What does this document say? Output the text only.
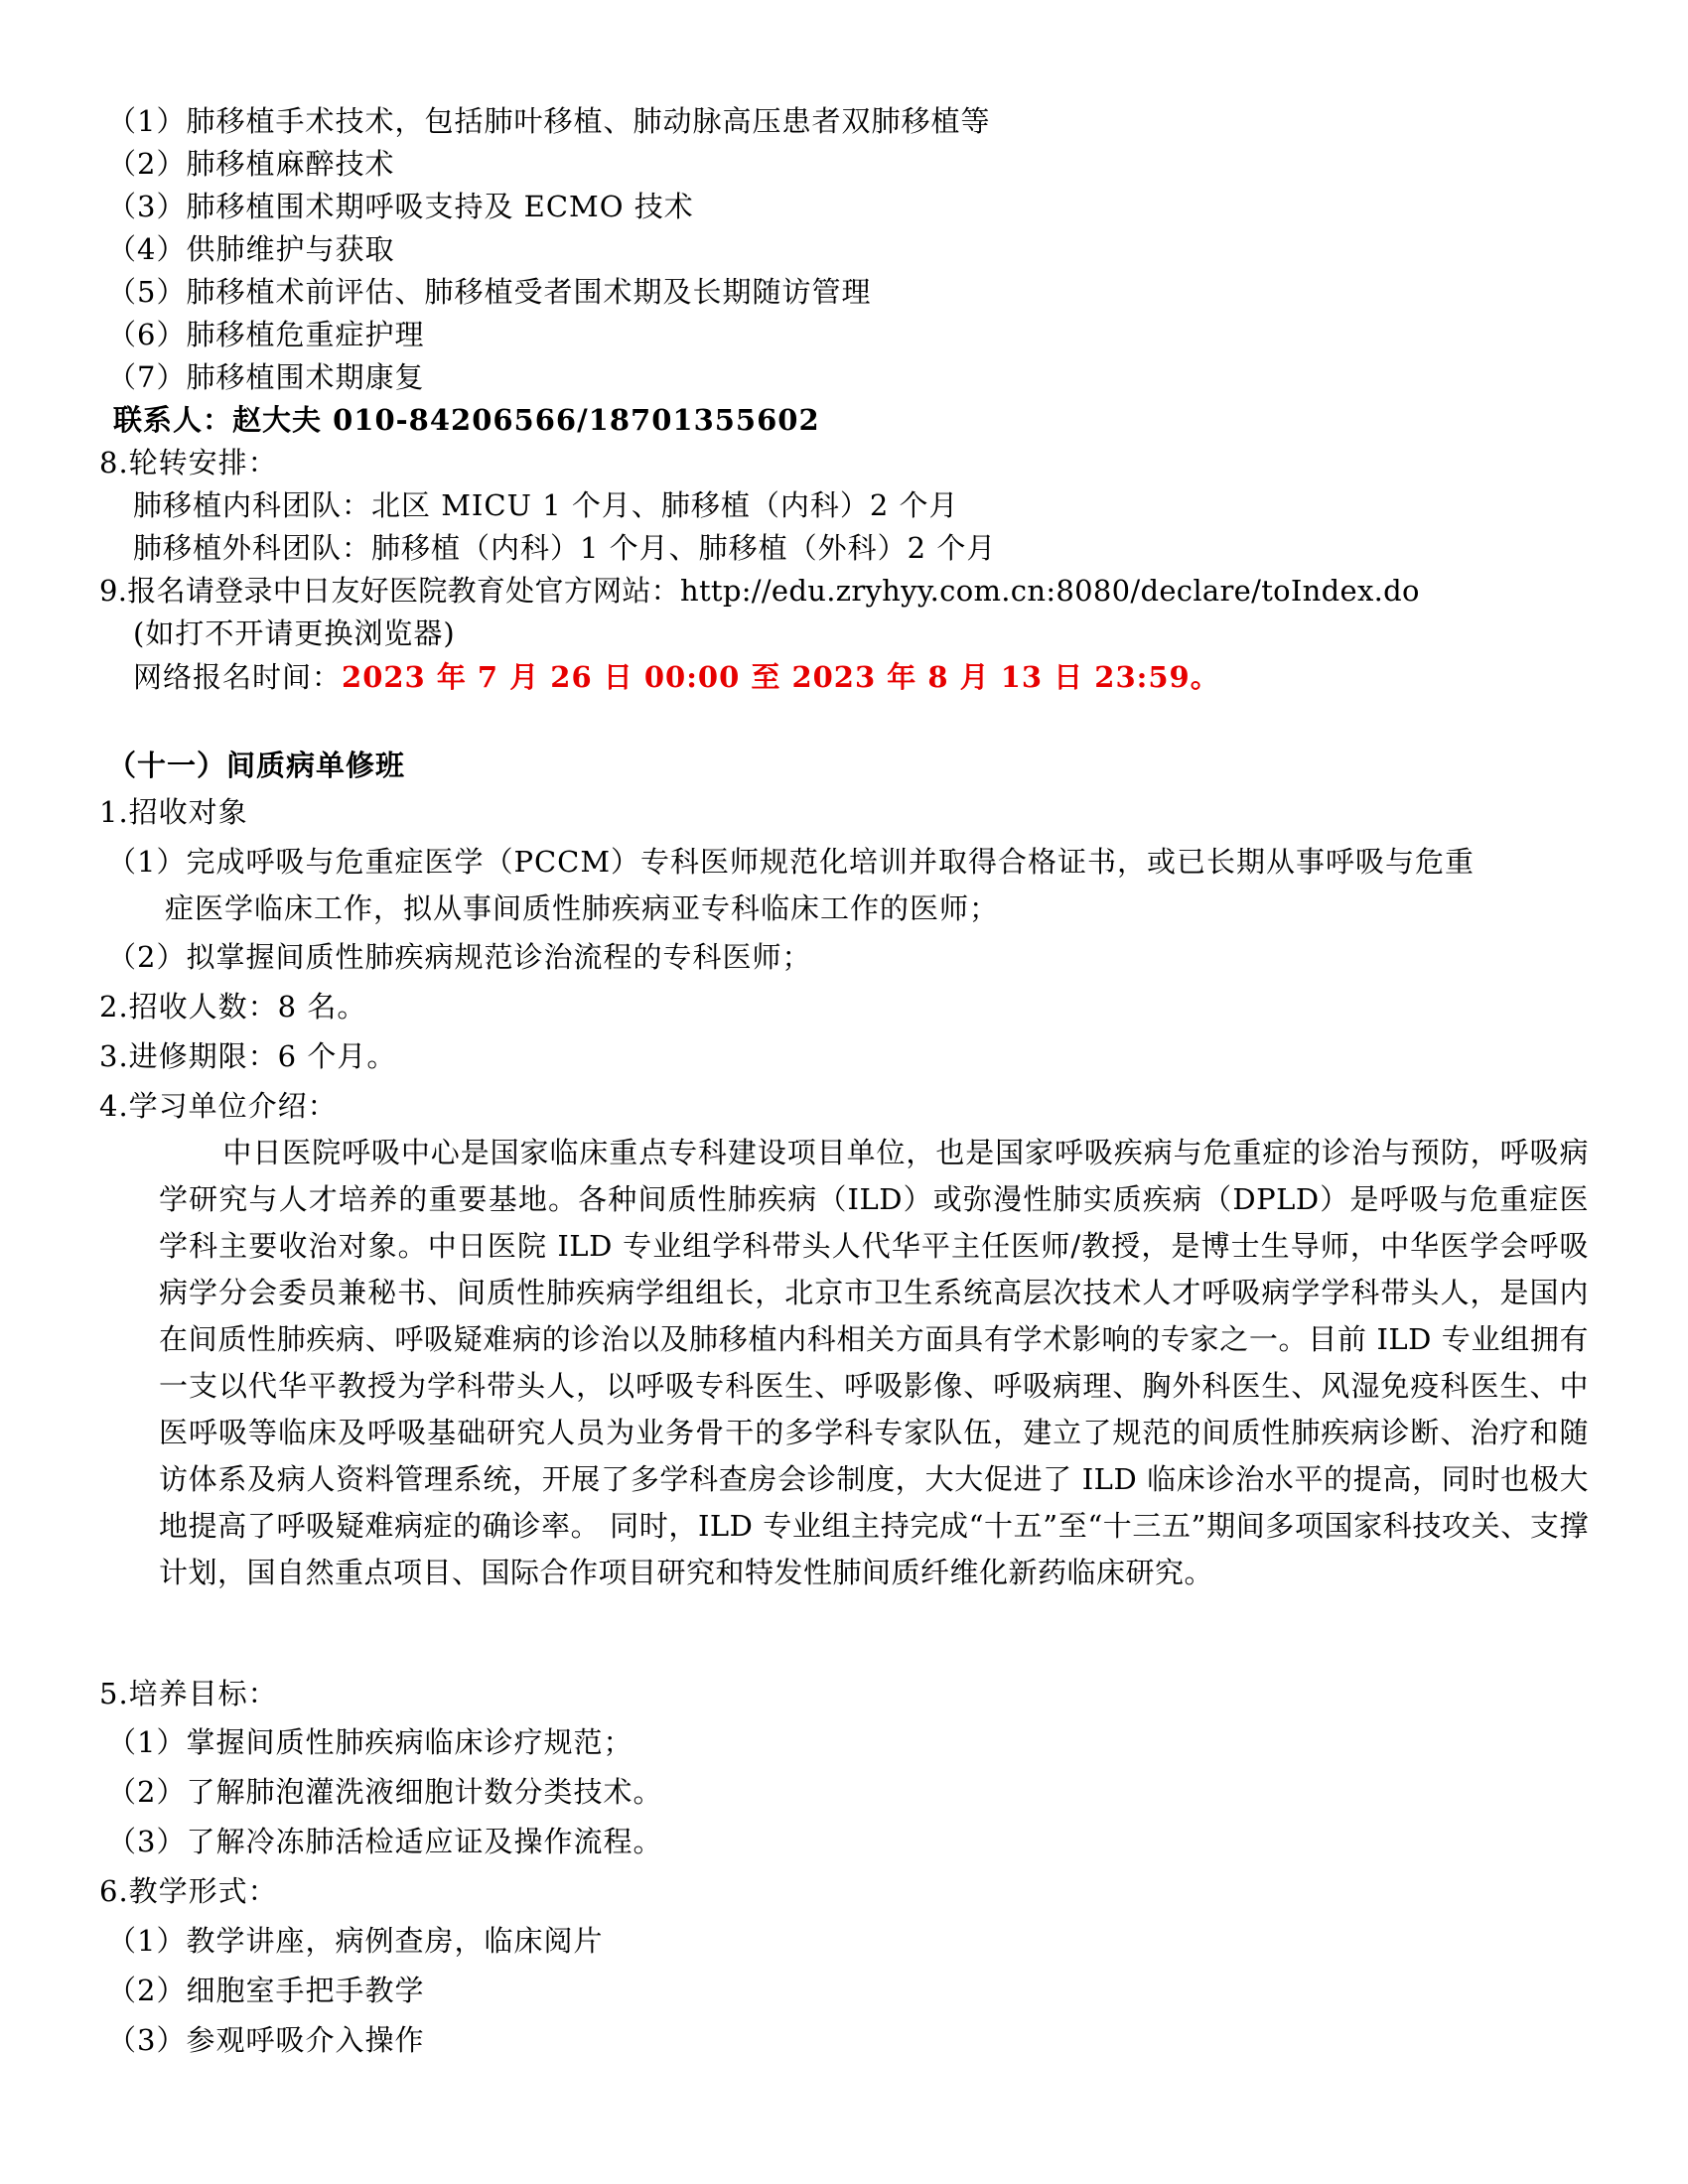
（1）肺移植手术技术，包括肺叶移植、肺动脉高压患者双肺移植等
（2）肺移植麻醉技术
（3）肺移植围术期呼吸支持及 ECMO 技术
（4）供肺维护与获取
（5）肺移植术前评估、肺移植受者围术期及长期随访管理
（6）肺移植危重症护理
（7）肺移植围术期康复
联系人：赵大夫 010-84206566/18701355602
8.轮转安排：
肺移植内科团队：北区 MICU 1 个月、肺移植（内科）2 个月
肺移植外科团队：肺移植（内科）1 个月、肺移植（外科）2 个月
9.报名请登录中日友好医院教育处官方网站：http://edu.zryhyy.com.cn:8080/declare/toIndex.do
(如打不开请更换浏览器)
网络报名时间：2023 年 7 月 26 日 00:00 至 2023 年 8 月 13 日 23:59。
（十一）间质病单修班
1.招收对象
（1）完成呼吸与危重症医学（PCCM）专科医师规范化培训并取得合格证书，或已长期从事呼吸与危重
症医学临床工作，拟从事间质性肺疾病亚专科临床工作的医师；
（2）拟掌握间质性肺疾病规范诊治流程的专科医师；
2.招收人数：8 名。
3.进修期限：6 个月。
4.学习单位介绍：
中日医院呼吸中心是国家临床重点专科建设项目单位，也是国家呼吸疾病与危重症的诊治与预防，呼吸病学研究与人才培养的重要基地。各种间质性肺疾病（ILD）或弥漫性肺实质疾病（DPLD）是呼吸与危重症医学科主要收治对象。中日医院 ILD 专业组学科带头人代华平主任医师/教授，是博士生导师，中华医学会呼吸病学分会委员兼秘书、间质性肺疾病学组组长，北京市卫生系统高层次技术人才呼吸病学学科带头人，是国内在间质性肺疾病、呼吸疑难病的诊治以及肺移植内科相关方面具有学术影响的专家之一。目前 ILD 专业组拥有一支以代华平教授为学科带头人，以呼吸专科医生、呼吸影像、呼吸病理、胸外科医生、风湿免疫科医生、中医呼吸等临床及呼吸基础研究人员为业务骨干的多学科专家队伍，建立了规范的间质性肺疾病诊断、治疗和随访体系及病人资料管理系统，开展了多学科查房会诊制度，大大促进了 ILD 临床诊治水平的提高，同时也极大地提高了呼吸疑难病症的确诊率。 同时，ILD 专业组主持完成“十五”至“十三五”期间多项国家科技攻关、支撑计划，国自然重点项目、国际合作项目研究和特发性肺间质纤维化新药临床研究。
5.培养目标：
（1）掌握间质性肺疾病临床诊疗规范；
（2）了解肺泡灌洗液细胞计数分类技术。
（3）了解冷冻肺活检适应证及操作流程。
6.教学形式：
（1）教学讲座，病例查房，临床阅片
（2）细胞室手把手教学
（3）参观呼吸介入操作
